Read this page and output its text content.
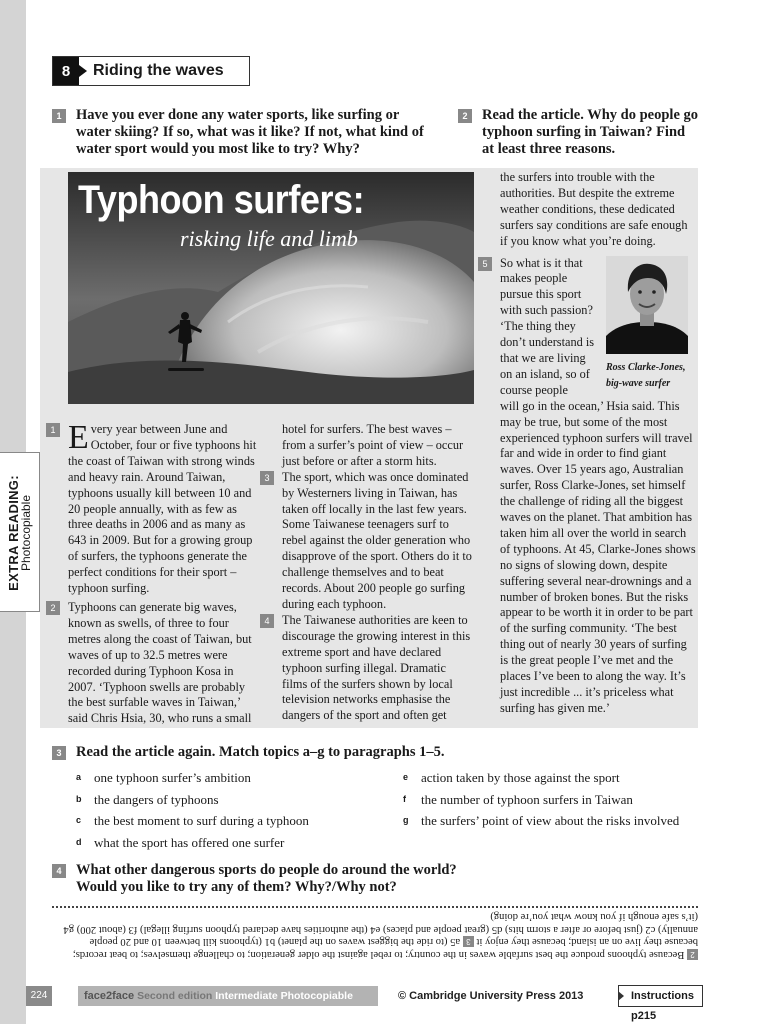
EXTRA READING:
Photocopiable
8	Riding the waves
1	Have you ever done any water sports, like surfing or water skiing? If so, what was it like? If not, what kind of water sport would you most like to try? Why?
2	Read the article. Why do people go typhoon surfing in Taiwan? Find at least three reasons.
Typhoon surfers:
risking life and limb

1 E very year between June and October, four or five typhoons hit the coast of Taiwan with strong winds and heavy rain. Around Taiwan, typhoons usually kill between 10 and 20 people annually, with as few as three deaths in 2006 and as many as 643 in 2009. But for a growing group of surfers, the typhoons generate the perfect conditions for their sport – typhoon surfing.

2	Typhoons can generate big waves, known as swells, of three to four metres along the coast of Taiwan, but waves of up to 32.5 metres were recorded during Typhoon Kosa in 2007. ‘Typhoon swells are probably the best surfable waves in Taiwan,’ said Chris Hsia, 30, who runs a small

hotel for surfers. The best waves – from a surfer’s point of view – occur just before or after a storm hits.

3	The sport, which was once dominated by Westerners living in Taiwan, has taken off locally in the last few years. Some Taiwanese teenagers surf to rebel against the older generation who disapprove of the sport. Others do it to challenge themselves and to beat records. About 200 people go surfing during each typhoon.

4	The Taiwanese authorities are keen to discourage the growing interest in this extreme sport and have declared typhoon surfing illegal. Dramatic films of the surfers shown by local television networks emphasise the dangers of the sport and often get

the surfers into trouble with the authorities. But despite the extreme weather conditions, these dedicated surfers say conditions are safe enough if you know what you’re doing.

5	So what is it that makes people pursue this sport with such passion? ‘The thing they don’t understand is that we are living on an island, so of course people
will go in the ocean,’ Hsia said. This may be true, but some of the most experienced typhoon surfers will travel far and wide in order to find giant waves. Over 15 years ago, Australian surfer, Ross Clarke-Jones, set himself the challenge of riding all the biggest waves on the planet. That ambition has taken him all over the world in search of typhoons. At 45, Clarke-Jones shows no signs of slowing down, despite suffering several near-drownings and a number of broken bones. But the risks appear to be worth it in order to be part of the surfing community. ‘The best thing out of nearly 30 years of surfing is the great people I’ve met and the places I’ve been to along the way. It’s just incredible ... it’s priceless what surfing has given me.’

Ross Clarke-Jones,
big-wave surfer
3	Read the article again. Match topics a–g to paragraphs 1–5.
a one typhoon surfer’s ambition
b the dangers of typhoons
c the best moment to surf during a typhoon
d what the sport has offered one surfer
e action taken by those against the sport
f the number of typhoon surfers in Taiwan
g the surfers’ point of view about the risks involved
4	What other dangerous sports do people do around the world? Would you like to try any of them? Why?/Why not?
2 Because typhoons produce the best surfable waves in the country; to rebel against the older generation; to challenge themselves; to beat records; because they live on an island; because they enjoy it 3 a5 (to ride the biggest waves on the planet) b1 (typhoons kill between 10 and 20 people annually) c2 (just before or after a storm hits) d5 (great people and places) e4 (the authorities have declared typhoon surfing illegal) f3 (about 200) g4 (it’s safe enough if you know what you’re doing)
224	face2face Second edition Intermediate Photocopiable	© Cambridge University Press 2013	Instructions p215
